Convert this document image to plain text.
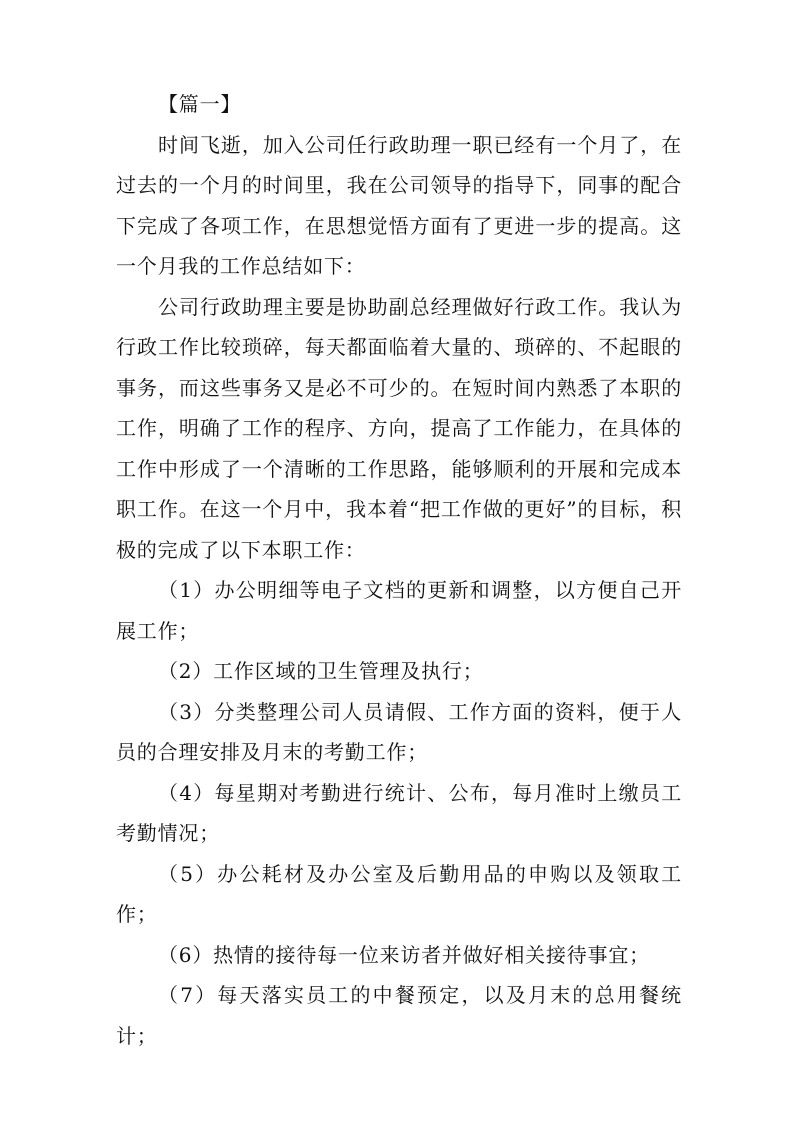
【篇一】

时间飞逝，加入公司任行政助理一职已经有一个月了，在过去的一个月的时间里，我在公司领导的指导下，同事的配合下完成了各项工作，在思想觉悟方面有了更进一步的提高。这一个月我的工作总结如下：

公司行政助理主要是协助副总经理做好行政工作。我认为行政工作比较琐碎，每天都面临着大量的、琐碎的、不起眼的事务，而这些事务又是必不可少的。在短时间内熟悉了本职的工作，明确了工作的程序、方向，提高了工作能力，在具体的工作中形成了一个清晰的工作思路，能够顺利的开展和完成本职工作。在这一个月中，我本着“把工作做的更好”的目标，积极的完成了以下本职工作：

（1）办公明细等电子文档的更新和调整，以方便自己开展工作；

（2）工作区域的卫生管理及执行；

（3）分类整理公司人员请假、工作方面的资料，便于人员的合理安排及月末的考勤工作；

（4）每星期对考勤进行统计、公布，每月准时上缴员工考勤情况；

（5）办公耗材及办公室及后勤用品的申购以及领取工作；

（6）热情的接待每一位来访者并做好相关接待事宜；

（7）每天落实员工的中餐预定，以及月末的总用餐统计；
